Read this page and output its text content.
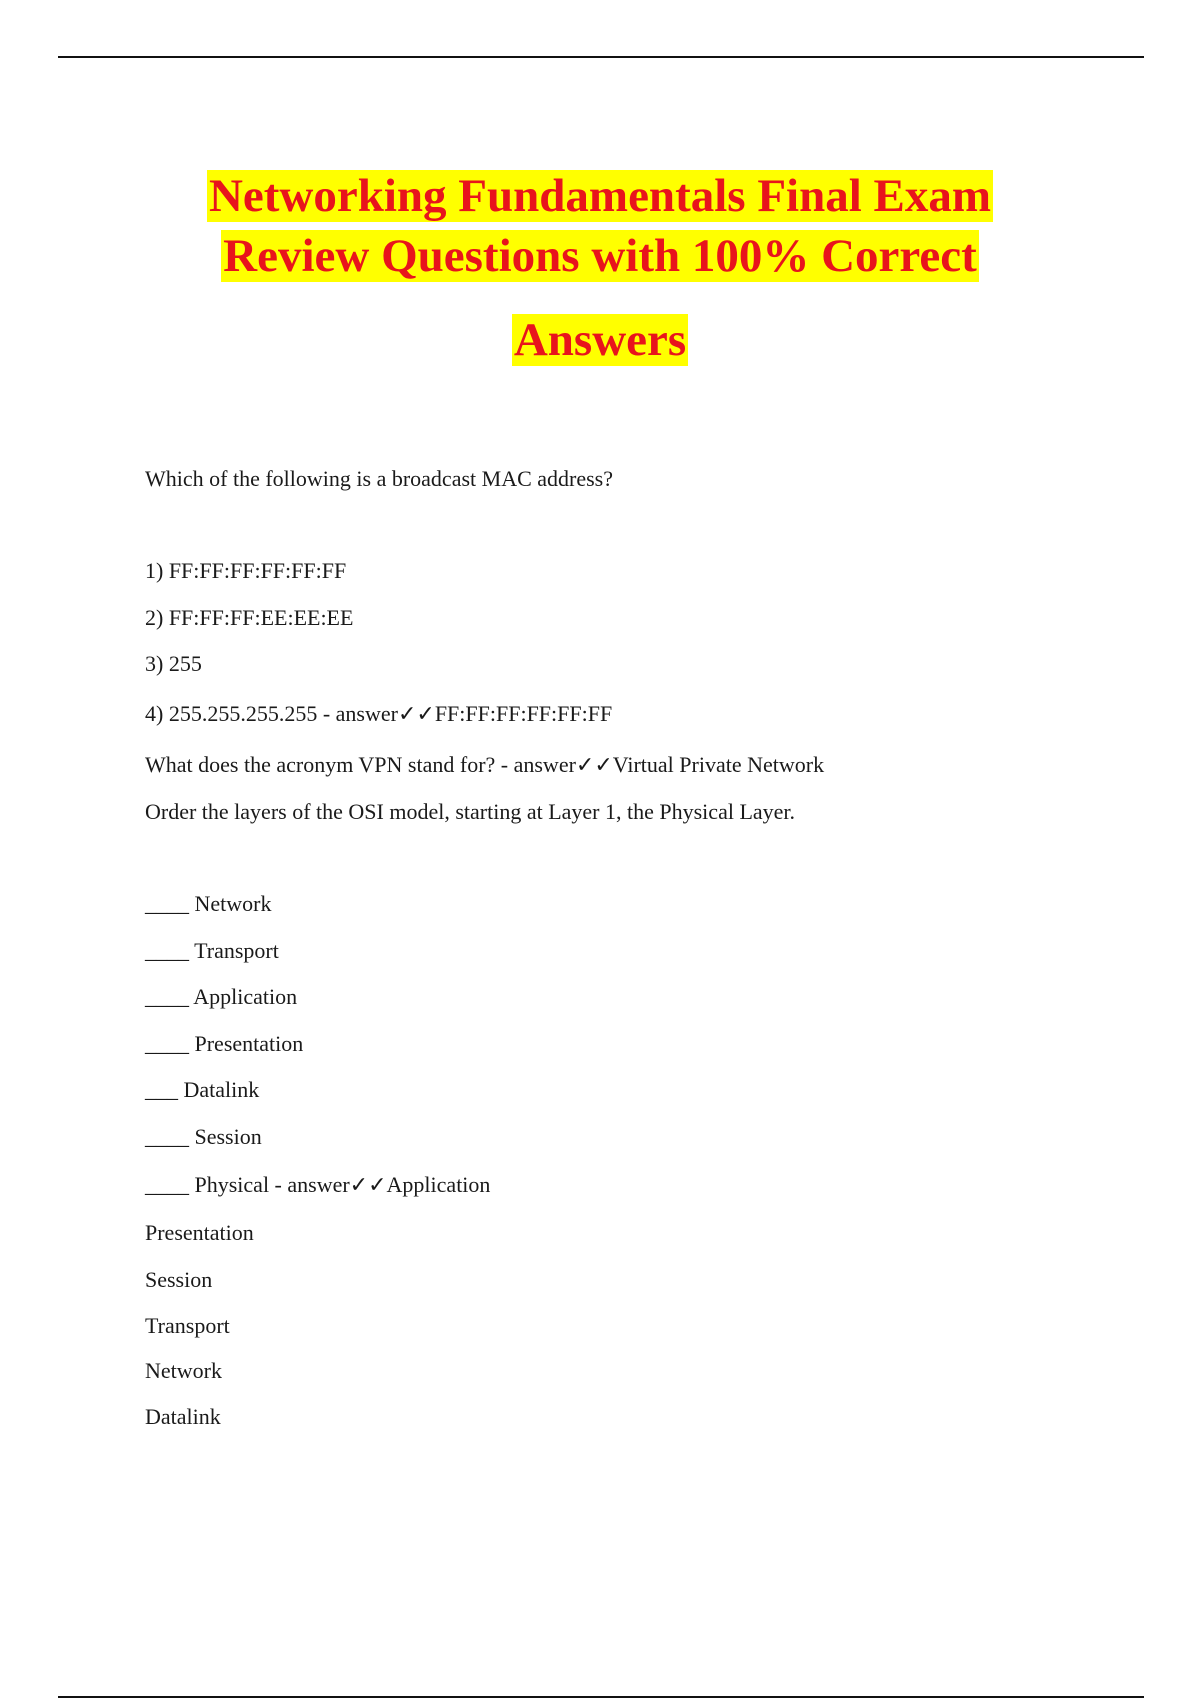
Networking Fundamentals Final Exam
Review Questions with 100% Correct
Answers
Which of the following is a broadcast MAC address?
1) FF:FF:FF:FF:FF:FF
2) FF:FF:FF:EE:EE:EE
3) 255
4) 255.255.255.255 - answer✓✓FF:FF:FF:FF:FF:FF
What does the acronym VPN stand for? - answer✓✓Virtual Private Network
Order the layers of the OSI model, starting at Layer 1, the Physical Layer.
____ Network
____ Transport
____ Application
____ Presentation
___ Datalink
____ Session
____ Physical - answer✓✓Application
Presentation
Session
Transport
Network
Datalink
